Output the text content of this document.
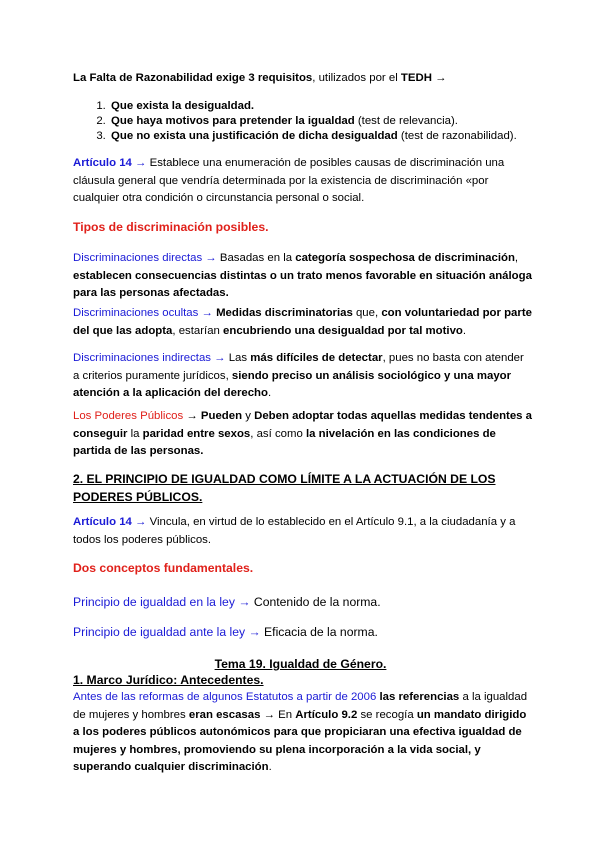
La Falta de Razonabilidad exige 3 requisitos, utilizados por el TEDH →

1. Que exista la desigualdad.
2. Que haya motivos para pretender la igualdad (test de relevancia).
3. Que no exista una justificación de dicha desigualdad (test de razonabilidad).

Artículo 14 → Establece una enumeración de posibles causas de discriminación una cláusula general que vendría determinada por la existencia de discriminación «por cualquier otra condición o circunstancia personal o social.

Tipos de discriminación posibles.

Discriminaciones directas → Basadas en la categoría sospechosa de discriminación, establecen consecuencias distintas o un trato menos favorable en situación análoga para las personas afectadas.

Discriminaciones ocultas → Medidas discriminatorias que, con voluntariedad por parte del que las adopta, estarían encubriendo una desigualdad por tal motivo.

Discriminaciones indirectas → Las más difíciles de detectar, pues no basta con atender a criterios puramente jurídicos, siendo preciso un análisis sociológico y una mayor atención a la aplicación del derecho.

Los Poderes Públicos → Pueden y Deben adoptar todas aquellas medidas tendentes a conseguir la paridad entre sexos, así como la nivelación en las condiciones de partida de las personas.

2. EL PRINCIPIO DE IGUALDAD COMO LÍMITE A LA ACTUACIÓN DE LOS PODERES PÚBLICOS.

Artículo 14 → Vincula, en virtud de lo establecido en el Artículo 9.1, a la ciudadanía y a todos los poderes públicos.

Dos conceptos fundamentales.

Principio de igualdad en la ley → Contenido de la norma.

Principio de igualdad ante la ley → Eficacia de la norma.

Tema 19. Igualdad de Género.

1. Marco Jurídico: Antecedentes.

Antes de las reformas de algunos Estatutos a partir de 2006 las referencias a la igualdad de mujeres y hombres eran escasas → En Artículo 9.2 se recogía un mandato dirigido a los poderes públicos autonómicos para que propiciaran una efectiva igualdad de mujeres y hombres, promoviendo su plena incorporación a la vida social, y superando cualquier discriminación.
